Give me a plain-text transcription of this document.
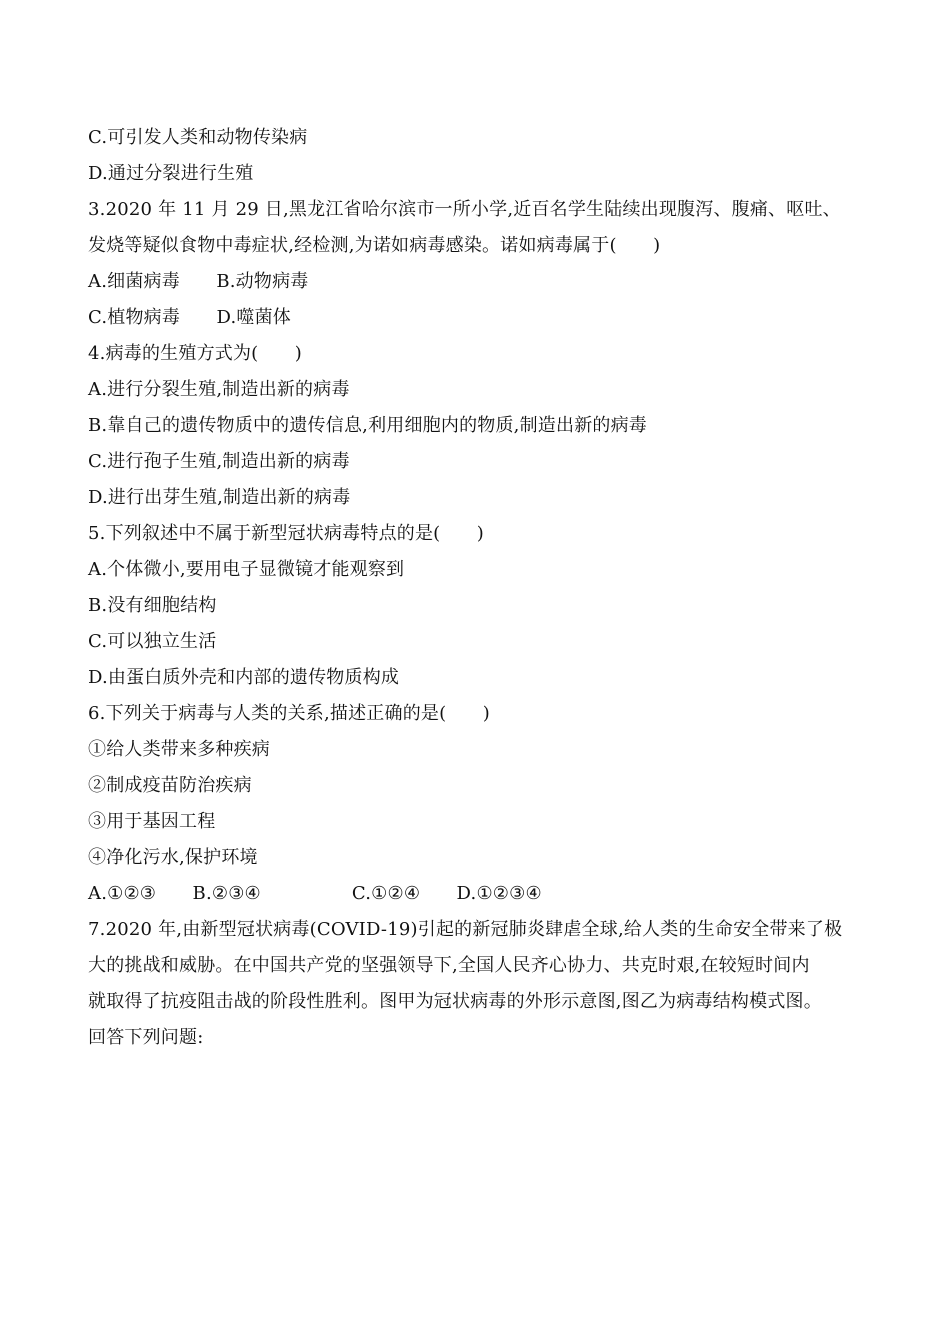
C.可引发人类和动物传染病
D.通过分裂进行生殖
3.2020 年 11 月 29 日,黑龙江省哈尔滨市一所小学,近百名学生陆续出现腹泻、腹痛、呕吐、
发烧等疑似食物中毒症状,经检测,为诺如病毒感染。诺如病毒属于(　　)
A.细菌病毒　　B.动物病毒
C.植物病毒　　D.噬菌体
4.病毒的生殖方式为(　　)
A.进行分裂生殖,制造出新的病毒
B.靠自己的遗传物质中的遗传信息,利用细胞内的物质,制造出新的病毒
C.进行孢子生殖,制造出新的病毒
D.进行出芽生殖,制造出新的病毒
5.下列叙述中不属于新型冠状病毒特点的是(　　)
A.个体微小,要用电子显微镜才能观察到
B.没有细胞结构
C.可以独立生活
D.由蛋白质外壳和内部的遗传物质构成
6.下列关于病毒与人类的关系,描述正确的是(　　)
①给人类带来多种疾病
②制成疫苗防治疾病
③用于基因工程
④净化污水,保护环境
A.①②③　　B.②③④　　　　　C.①②④　　D.①②③④
7.2020 年,由新型冠状病毒(COVID-19)引起的新冠肺炎肆虐全球,给人类的生命安全带来了极
大的挑战和威胁。在中国共产党的坚强领导下,全国人民齐心协力、共克时艰,在较短时间内
就取得了抗疫阻击战的阶段性胜利。图甲为冠状病毒的外形示意图,图乙为病毒结构模式图。
回答下列问题:
